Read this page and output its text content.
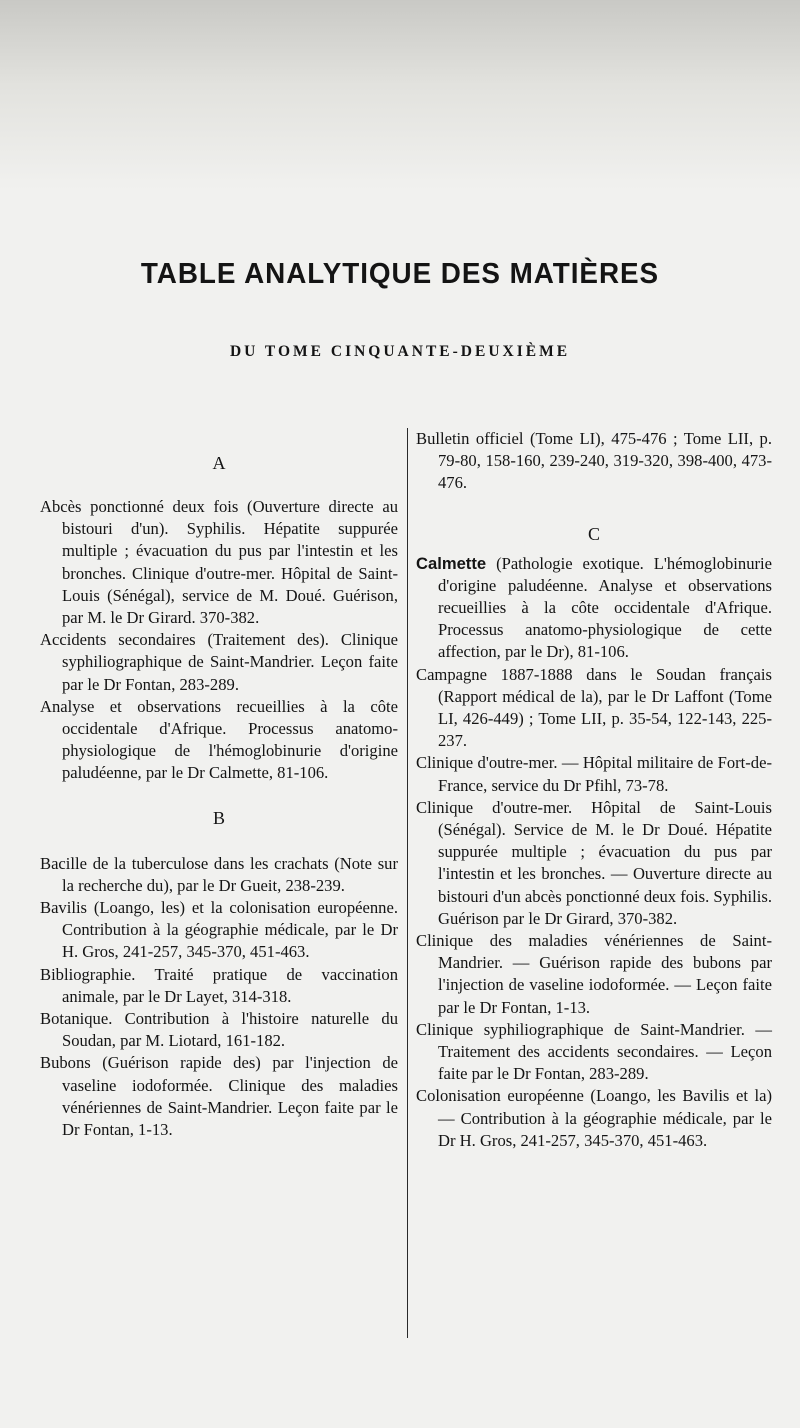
TABLE ANALYTIQUE DES MATIÈRES
DU TOME CINQUANTE-DEUXIÈME

A

Abcès ponctionné deux fois (Ouverture directe au bistouri d'un). Syphilis. Hépatite suppurée multiple ; évacuation du pus par l'intestin et les bronches. Clinique d'outre-mer. Hôpital de Saint-Louis (Sénégal), service de M. Doué. Guérison, par M. le Dr Girard. 370-382.

Accidents secondaires (Traitement des). Clinique syphiliographique de Saint-Mandrier. Leçon faite par le Dr Fontan, 283-289.

Analyse et observations recueillies à la côte occidentale d'Afrique. Processus anatomo-physiologique de l'hémoglobinurie d'origine paludéenne, par le Dr Calmette, 81-106.

B

Bacille de la tuberculose dans les crachats (Note sur la recherche du), par le Dr Gueit, 238-239.

Bavilis (Loango, les) et la colonisation européenne. Contribution à la géographie médicale, par le Dr H. Gros, 241-257, 345-370, 451-463.

Bibliographie. Traité pratique de vaccination animale, par le Dr Layet, 314-318.

Botanique. Contribution à l'histoire naturelle du Soudan, par M. Liotard, 161-182.

Bubons (Guérison rapide des) par l'injection de vaseline iodoformée. Clinique des maladies vénériennes de Saint-Mandrier. Leçon faite par le Dr Fontan, 1-13.

Bulletin officiel (Tome LI), 475-476 ; Tome LII, p. 79-80, 158-160, 239-240, 319-320, 398-400, 473-476.

C

Calmette (Pathologie exotique. L'hémoglobinurie d'origine paludéenne. Analyse et observations recueillies à la côte occidentale d'Afrique. Processus anatomo-physiologique de cette affection, par le Dr), 81-106.

Campagne 1887-1888 dans le Soudan français (Rapport médical de la), par le Dr Laffont (Tome LI, 426-449) ; Tome LII, p. 35-54, 122-143, 225-237.

Clinique d'outre-mer. — Hôpital militaire de Fort-de-France, service du Dr Pfihl, 73-78.

Clinique d'outre-mer. Hôpital de Saint-Louis (Sénégal). Service de M. le Dr Doué. Hépatite suppurée multiple ; évacuation du pus par l'intestin et les bronches. — Ouverture directe au bistouri d'un abcès ponctionné deux fois. Syphilis. Guérison par le Dr Girard, 370-382.

Clinique des maladies vénériennes de Saint-Mandrier. — Guérison rapide des bubons par l'injection de vaseline iodoformée. — Leçon faite par le Dr Fontan, 1-13.

Clinique syphiliographique de Saint-Mandrier. — Traitement des accidents secondaires. — Leçon faite par le Dr Fontan, 283-289.

Colonisation européenne (Loango, les Bavilis et la) — Contribution à la géographie médicale, par le Dr H. Gros, 241-257, 345-370, 451-463.
